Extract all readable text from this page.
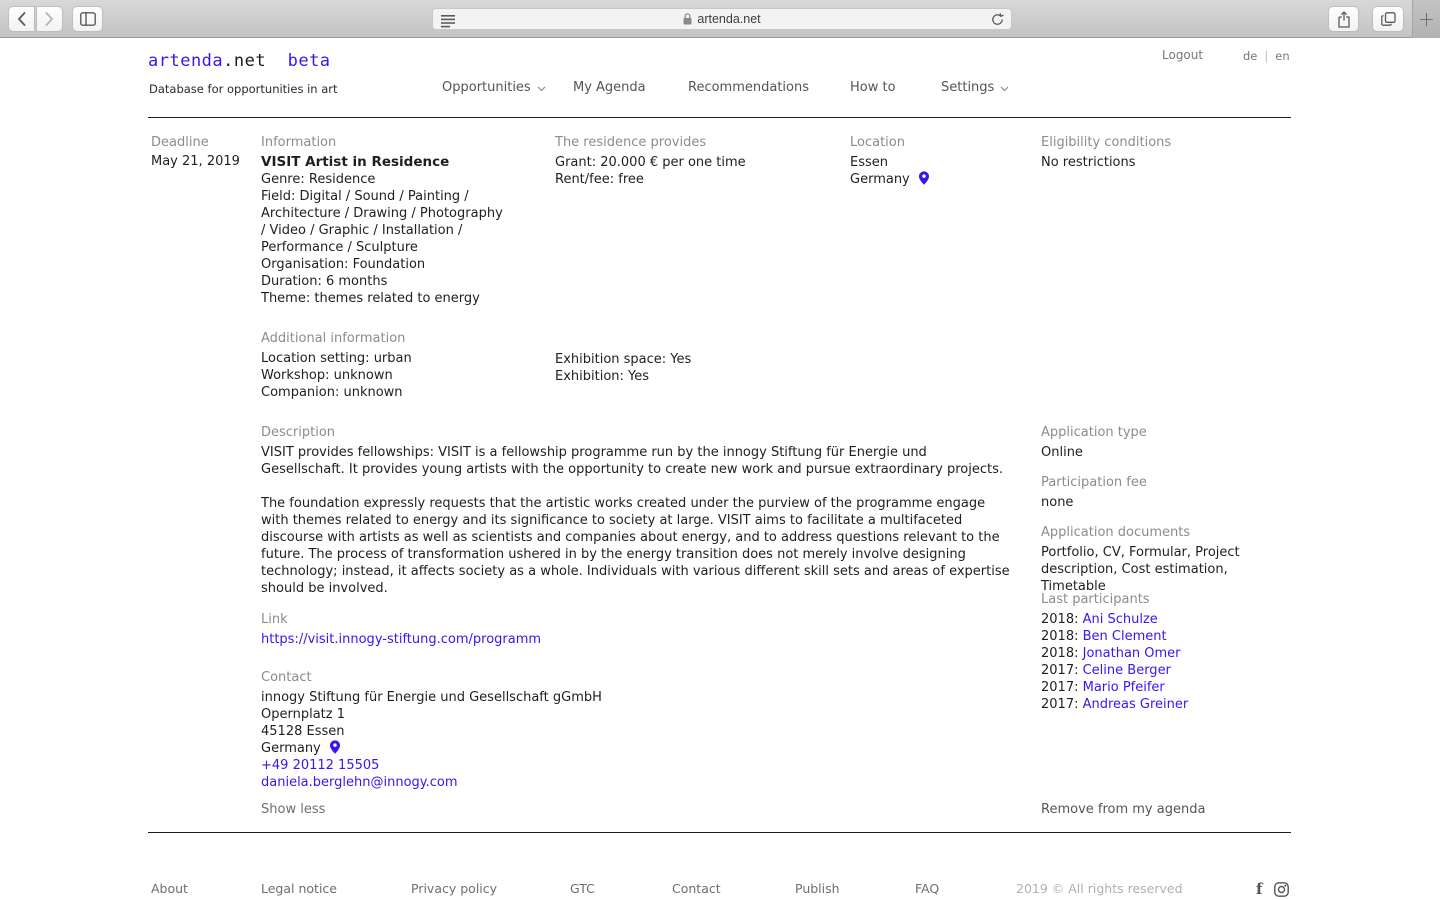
artenda.net	+
artenda.net beta
Database for opportunities in art	Opportunities	My Agenda	Recommendations	How to	Settings
Logout	de | en
Deadline
May 21, 2019
Information
VISIT Artist in Residence
Genre: Residence
Field: Digital / Sound / Painting / Architecture / Drawing / Photography / Video / Graphic / Installation / Performance / Sculpture
Organisation: Foundation
Duration: 6 months
Theme: themes related to energy
The residence provides
Grant: 20.000 € per one time
Rent/fee: free
Location
Essen
Germany
Eligibility conditions
No restrictions
Additional information
Location setting: urban
Workshop: unknown
Companion: unknown
Exhibition space: Yes
Exhibition: Yes
Description
VISIT provides fellowships: VISIT is a fellowship programme run by the innogy Stiftung für Energie und Gesellschaft. It provides young artists with the opportunity to create new work and pursue extraordinary projects.
The foundation expressly requests that the artistic works created under the purview of the programme engage with themes related to energy and its significance to society at large. VISIT aims to facilitate a multifaceted discourse with artists as well as scientists and companies about energy, and to address questions relevant to the future. The process of transformation ushered in by the energy transition does not merely involve designing technology; instead, it affects society as a whole. Individuals with various different skill sets and areas of expertise should be involved.
Application type
Online
Participation fee
none
Application documents
Portfolio, CV, Formular, Project description, Cost estimation, Timetable
Last participants
2018: Ani Schulze
2018: Ben Clement
2018: Jonathan Omer
2017: Celine Berger
2017: Mario Pfeifer
2017: Andreas Greiner
Link
https://visit.innogy-stiftung.com/programm
Contact
innogy Stiftung für Energie und Gesellschaft gGmbH
Opernplatz 1
45128 Essen
Germany
+49 20112 15505
daniela.berglehn@innogy.com
Show less	Remove from my agenda
About	Legal notice	Privacy policy	GTC	Contact	Publish	FAQ	2019 © All rights reserved	f
